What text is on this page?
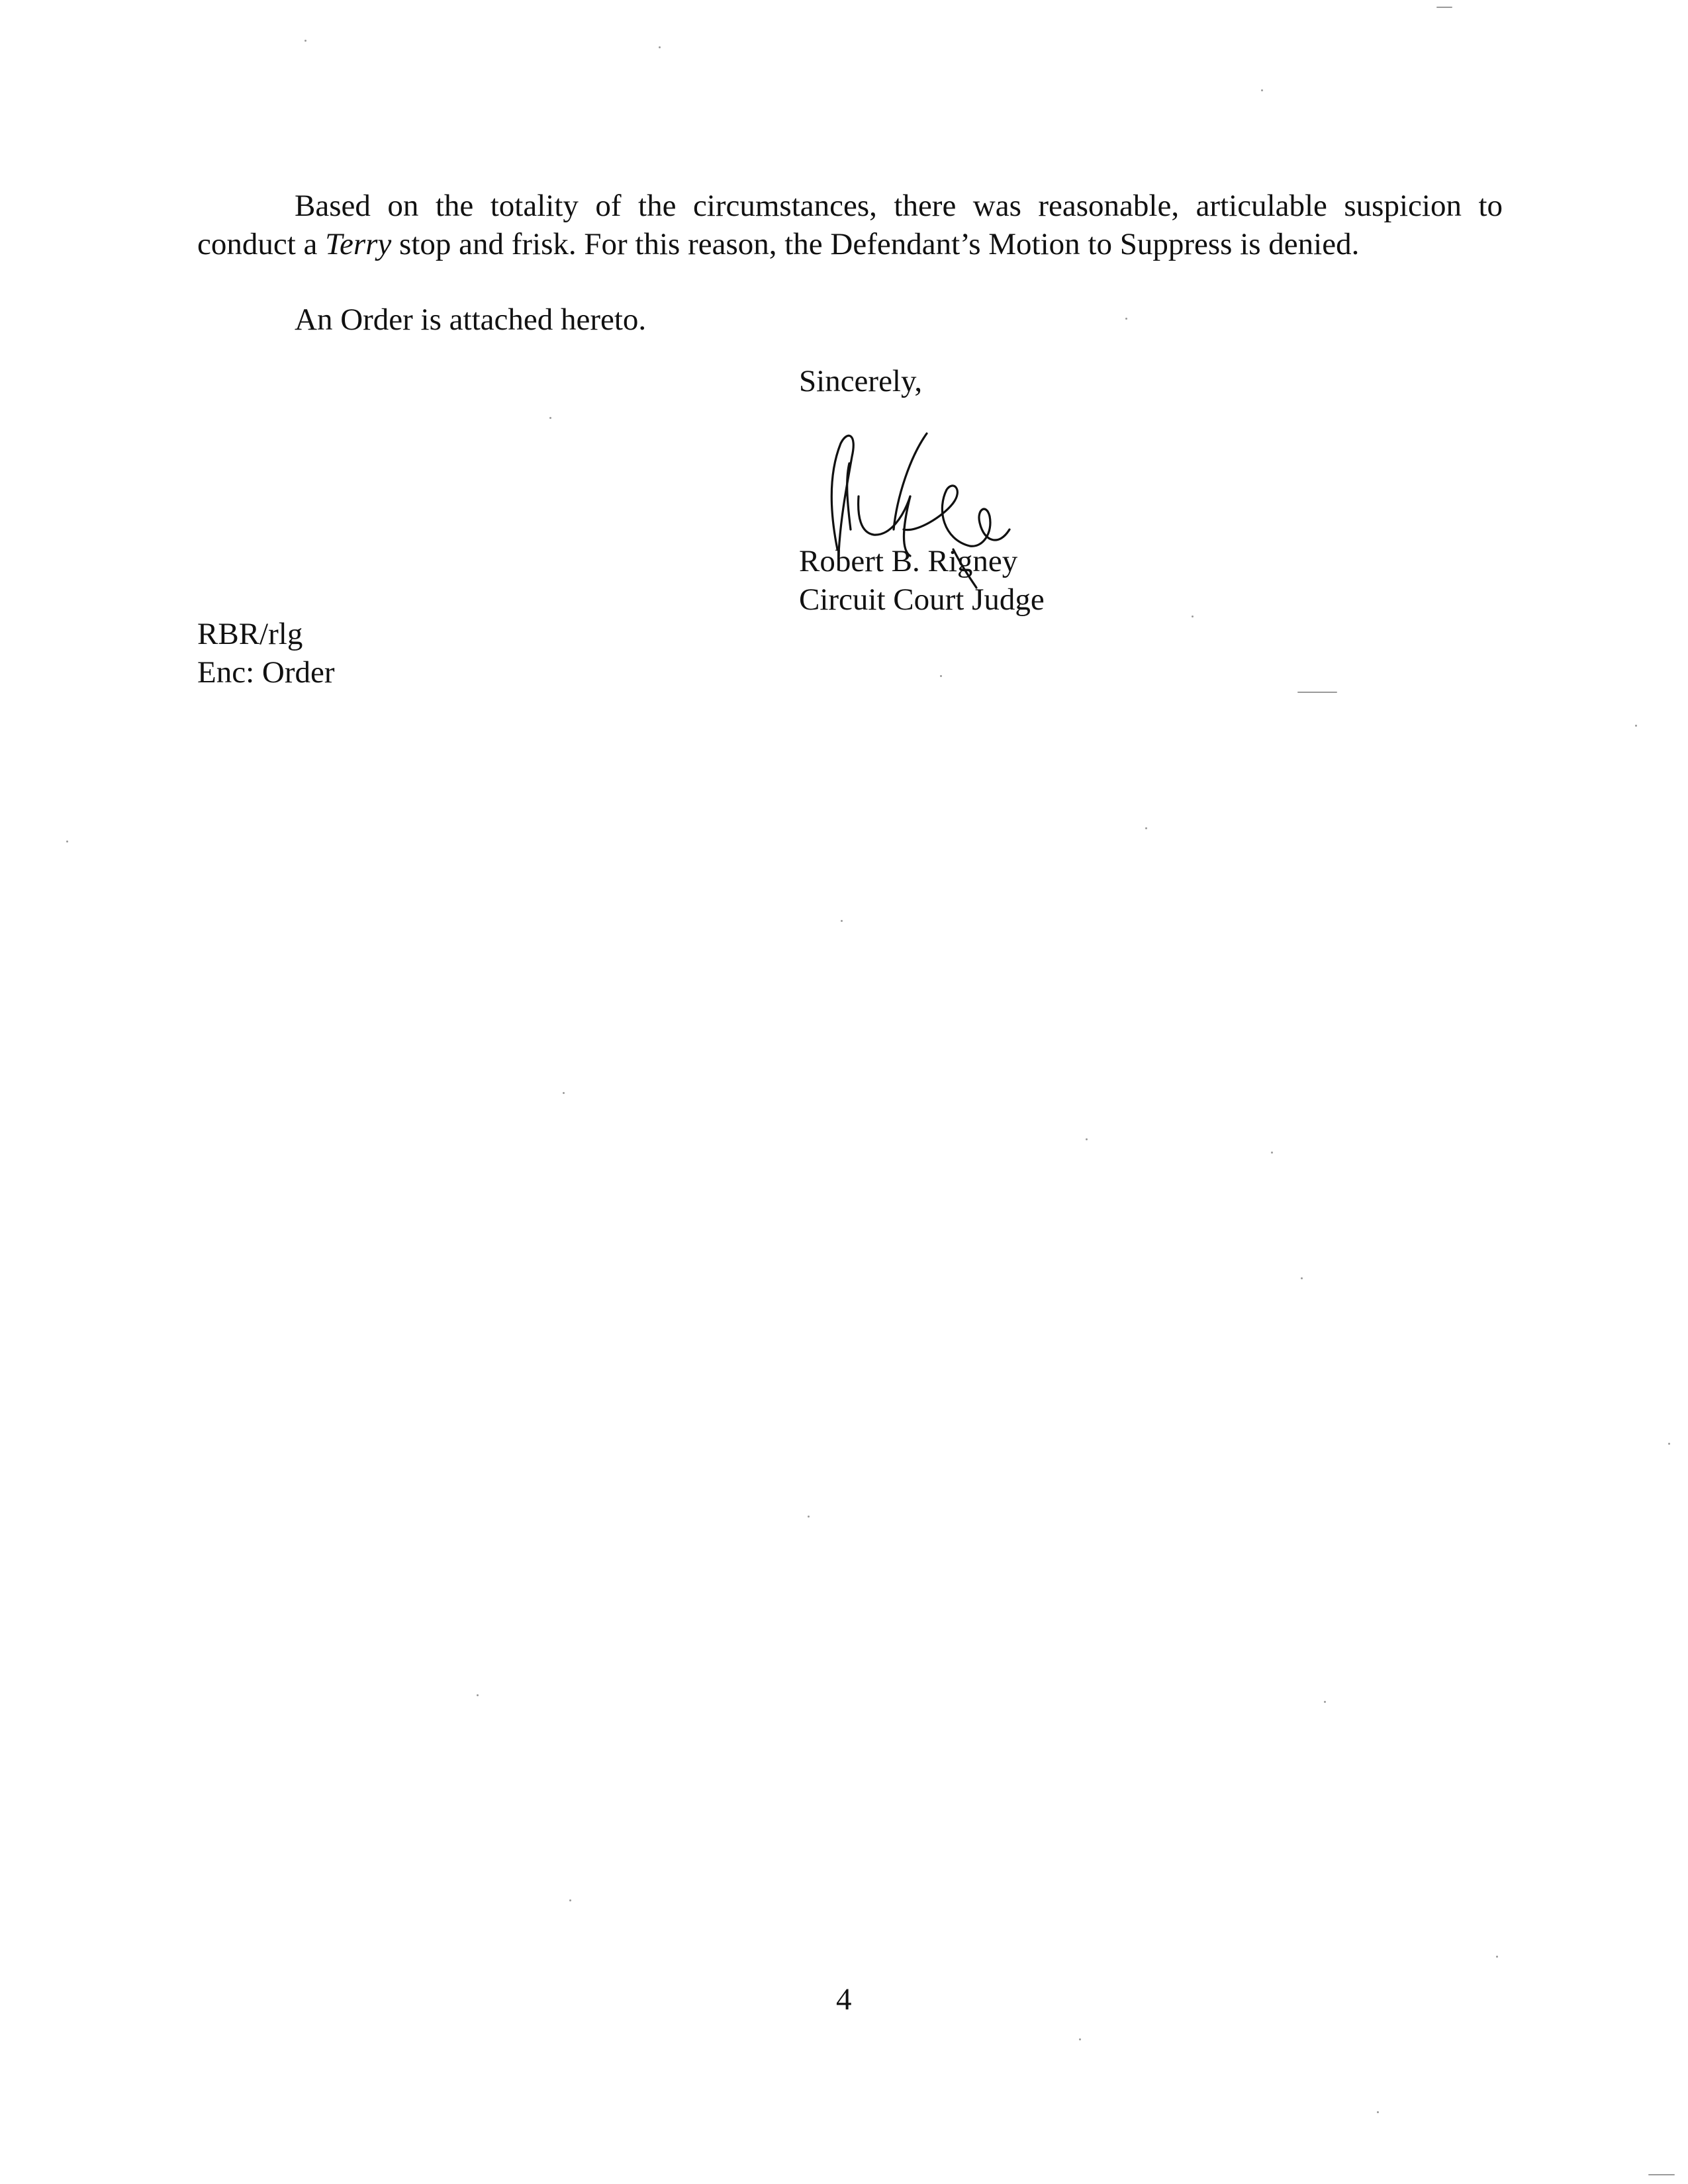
Based on the totality of the circumstances, there was reasonable, articulable suspicion to

conduct a Terry stop and frisk. For this reason, the Defendant’s Motion to Suppress is denied.

An Order is attached hereto.

Sincerely,

Robert B. Rigney

Circuit Court Judge

RBR/rlg

Enc: Order

4
